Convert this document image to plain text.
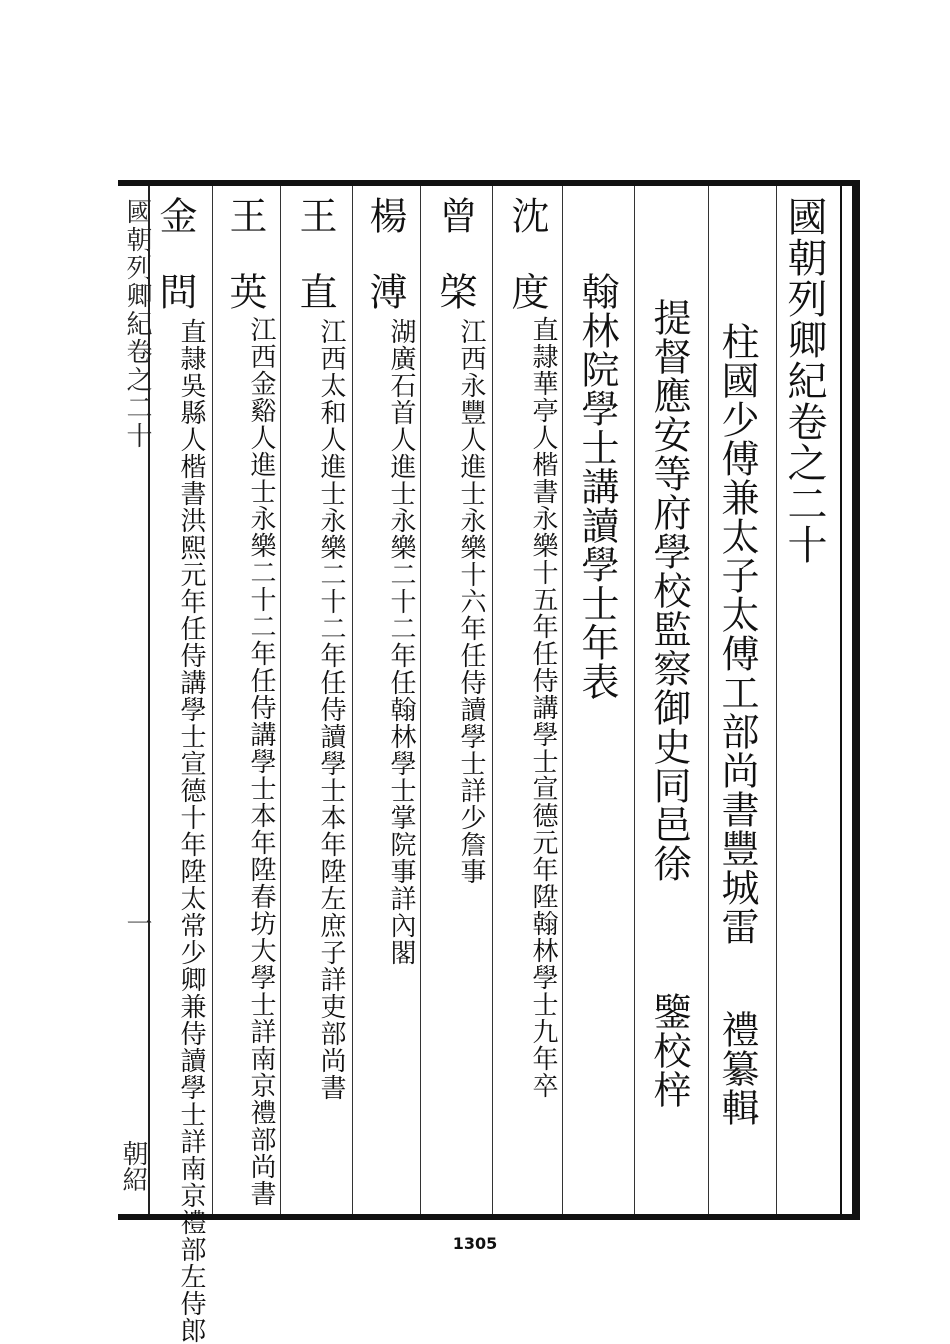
國朝列卿紀卷之二十
柱國少傅兼太子太傅工部尚書豐城雷
禮纂輯
提督應安等府學校監察御史同邑徐
鑒校梓
翰林院學士講讀學士年表
沈
度
直隷華亭人楷書永樂十五年任侍講學士宣德元年陞翰林學士九年卒
曾
棨
江西永豐人進士永樂十六年任侍讀學士詳少詹事
楊
溥
湖廣石首人進士永樂二十二年任翰林學士掌院事詳內閣
王
直
江西太和人進士永樂二十二年任侍讀學士本年陞左庶子詳吏部尚書
王
英
江西金谿人進士永樂二十二年任侍講學士本年陞春坊大學士詳南京禮部尚書
金
問
直隷吳縣人楷書洪熙元年任侍講學士宣德十年陞太常少卿兼侍讀學士詳南京禮部左侍郎
國朝列卿紀卷之二十
一
朝紹
1305
